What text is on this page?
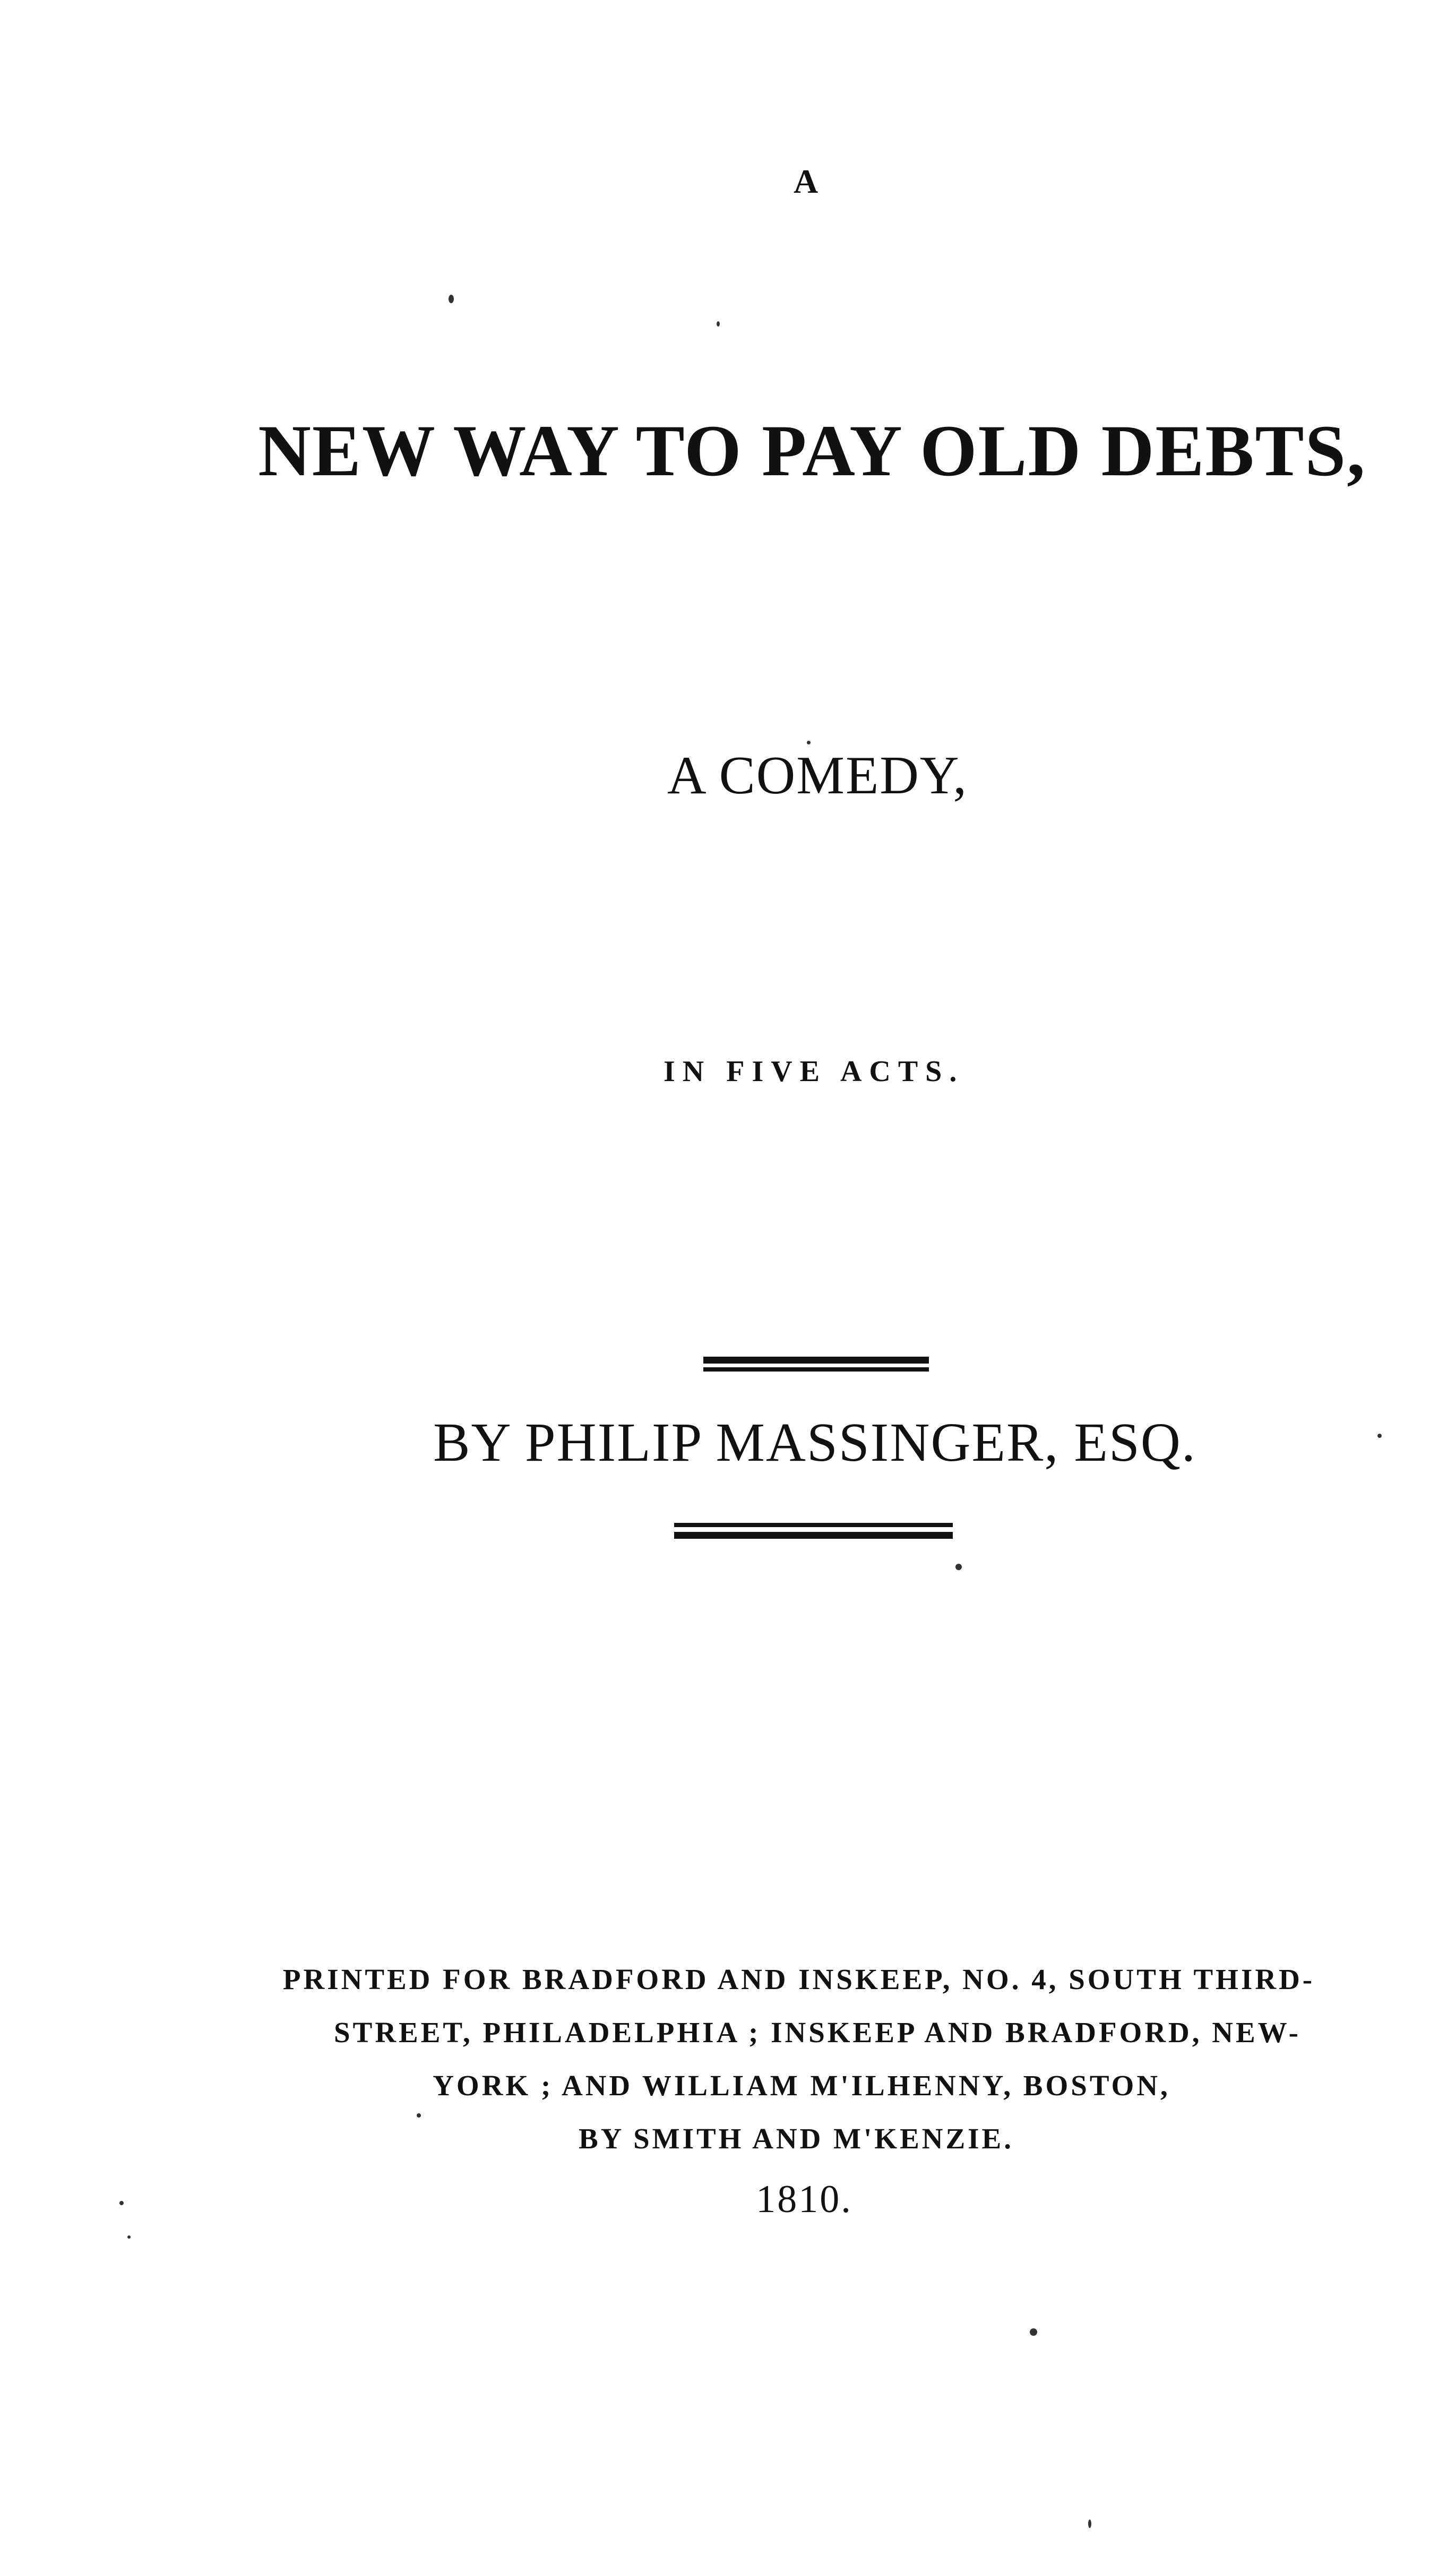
A
NEW WAY TO PAY OLD DEBTS,
A COMEDY,
IN FIVE ACTS.
BY PHILIP MASSINGER, ESQ.
PRINTED FOR BRADFORD AND INSKEEP, NO. 4, SOUTH THIRD-
STREET, PHILADELPHIA ; INSKEEP AND BRADFORD, NEW-
YORK ; AND WILLIAM M'ILHENNY, BOSTON,
BY SMITH AND M'KENZIE.
1810.
